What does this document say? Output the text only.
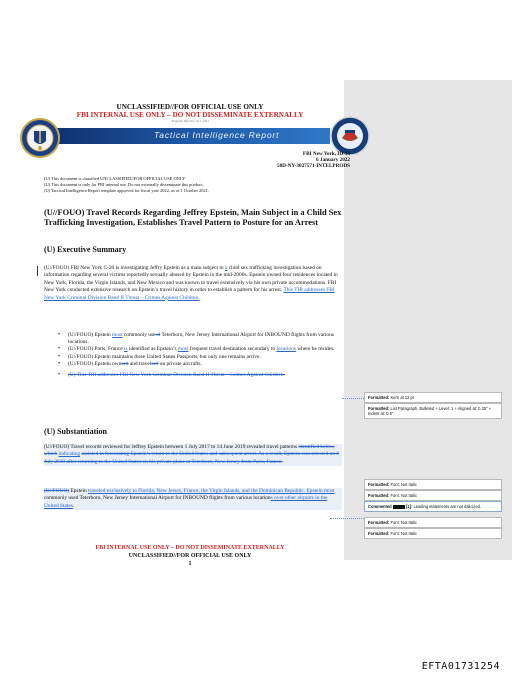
UNCLASSIFIED//FOR OFFICIAL USE ONLY
FBI INTERNAL USE ONLY – DO NOT DISSEMINATE EXTERNALLY
Template Effective 10-1-2021
Tactical Intelligence Report
FBI New York, ID-13
6 January 2022
50D-NY-3027571-INTELPRODS
(U) This document is classified UNCLASSIFIED//FOR OFFICIAL USE ONLY
(U) This document is only for FBI internal use. Do not externally disseminate this product.
(U) Tactical Intelligence Report template approved for fiscal year 2022, as of 1 October 2021.
(U//FOUO) Travel Records Regarding Jeffrey Epstein, Main Subject in a Child Sex Trafficking Investigation, Establishes Travel Pattern to Posture for an Arrest
(U) Executive Summary
(U//FOUO) FBI New York C-20 is investigating Jeffry Epstein as a main subject in a child sex trafficking investigation based on information regarding several victims reportedly sexually abused by Epstein in the mid-2000s. Epstein owned four residences located in New York, Florida, the Virgin Islands, and New Mexico and was known to travel extensively via his own private accommodations. FBI New York conducted extensive research on Epstein’s travel history in order to establish a pattern for his arrest. This TIR addresses FBI New York Criminal Division Band II Threat – Crimes Against Children.
• (U//FOUO) Epstein most commonly usesd Teterboro, New Jersey International Airport for INBOUND flights from various locations.
• (U//FOUO) Paris, France is identified as Epstein’s most frequent travel destination secondary to locations where he resides.
• (U//FOUO) Epstein maintains three United States Passports, but only one remains active.
• (U//FOUO) Epstein ownsed and travelsed on private aircrafts.
• (U) This TIR addresses FBI New York Criminal Division Band II Threat – Crimes Against Children.
(U) Substantiation
(U//FOUO) Travel records reviewed for Jeffrey Epstein between 1 July 2017 to 14 June 2019 revealed travel patterns identified below, which indicating assisted in forecasting Epstein’s return to the United States and subsequent arrest. As a result, Epstein was arrested on 6 July 2019 after returning to the United States on his private plane at Teterboro, New Jersey from Paris, France.
(U//FOUO) Epstein traveled exclusively to Florida, New Jersey, France, the Virgin Islands, and the Dominican Republic. Epstein most commonly used Teterboro, New Jersey International Airport for INBOUND flights from various locations over other airports in the United States.
Formatted: Kern at 12 pt
Formatted: List Paragraph, Bulleted + Level: 1 + Aligned at: 0.25" + Indent at: 0.5"
Formatted: Font: Not Italic
Formatted: Font: Not Italic
Commented	[1]: Leading statements are not italicized.
Formatted: Font: Not Italic
Formatted: Font: Not Italic
FBI INTERNAL USE ONLY – DO NOT DISSEMINATE EXTERNALLY
UNCLASSIFIED//FOR OFFICIAL USE ONLY
1
EFTA01731254
